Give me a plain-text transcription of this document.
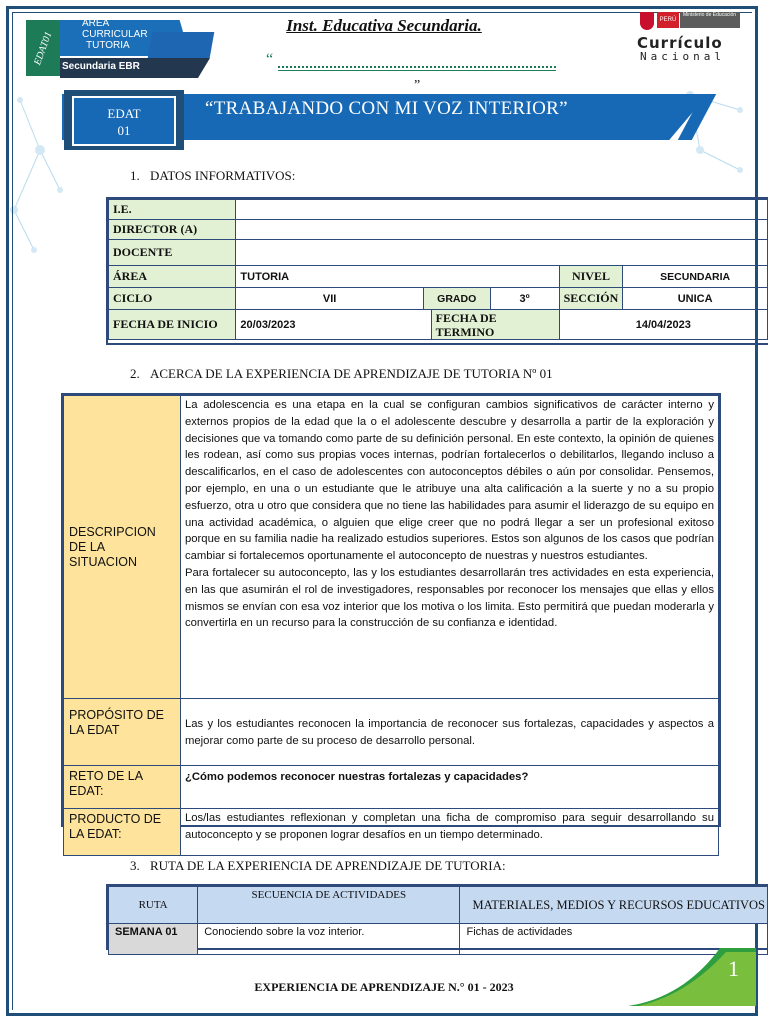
EDAT01
ÁREA
CURRICULAR
TUTORIA
Secundaria EBR
Inst. Educativa Secundaria.
“
”
PERÚ
Ministerio de Educación
Currículo
Nacional
EDAT
01
“TRABAJANDO CON MI VOZ INTERIOR”
1. DATOS INFORMATIVOS:
I.E.						
DIRECTOR (A)						
DOCENTE						
ÁREA	TUTORIA				NIVEL	SECUNDARIA
CICLO	VII	GRADO		3º	SECCIÓN	UNICA
FECHA DE INICIO	20/03/2023		FECHA DE TERMINO		14/04/2023	
2. ACERCA DE LA EXPERIENCIA DE APRENDIZAJE DE TUTORIA Nº 01
DESCRIPCION DE LA SITUACION	La adolescencia es una etapa en la cual se configuran cambios significativos de carácter interno y externos propios de la edad que la o el adolescente descubre y desarrolla a partir de la exploración y decisiones que va tomando como parte de su definición personal. En este contexto, la opinión de quienes les rodean, así como sus propias voces internas, podrían fortalecerlos o debilitarlos, llegando incluso a descalificarlos, en el caso de adolescentes con autoconceptos débiles o aún por consolidar. Pensemos, por ejemplo, en una o un estudiante que le atribuye una alta calificación a la suerte y no a su propio esfuerzo, otra u otro que considera que no tiene las habilidades para asumir el liderazgo de su equipo en una actividad académica, o alguien que elige creer que no podrá llegar a ser un profesional exitoso porque en su familia nadie ha realizado estudios superiores. Estos son algunos de los casos que podrían cambiar si fortalecemos oportunamente el autoconcepto de nuestras y nuestros estudiantes.
Para fortalecer su autoconcepto, las y los estudiantes desarrollarán tres actividades en esta experiencia, en las que asumirán el rol de investigadores, responsables por reconocer los mensajes que ellas y ellos mismos se envían con esa voz interior que los motiva o los limita. Esto permitirá que puedan moderarla y convertirla en un recurso para la construcción de su confianza e identidad.

PROPÓSITO DE LA EDAT	Las y los estudiantes reconocen la importancia de reconocer sus fortalezas, capacidades y aspectos a mejorar como parte de su proceso de desarrollo personal.
RETO DE LA EDAT:	¿Cómo podemos reconocer nuestras fortalezas y capacidades?
PRODUCTO DE LA EDAT:	Los/las estudiantes reflexionan y completan una ficha de compromiso para seguir desarrollando su autoconcepto y se proponen lograr desafíos en un tiempo determinado.
3. RUTA DE LA EXPERIENCIA DE APRENDIZAJE DE TUTORIA:
RUTA	SECUENCIA DE ACTIVIDADES	MATERIALES, MEDIOS Y RECURSOS EDUCATIVOS
SEMANA 01	Conociendo sobre la voz interior.	Fichas de actividades
EXPERIENCIA DE APRENDIZAJE N.° 01 - 2023
1
